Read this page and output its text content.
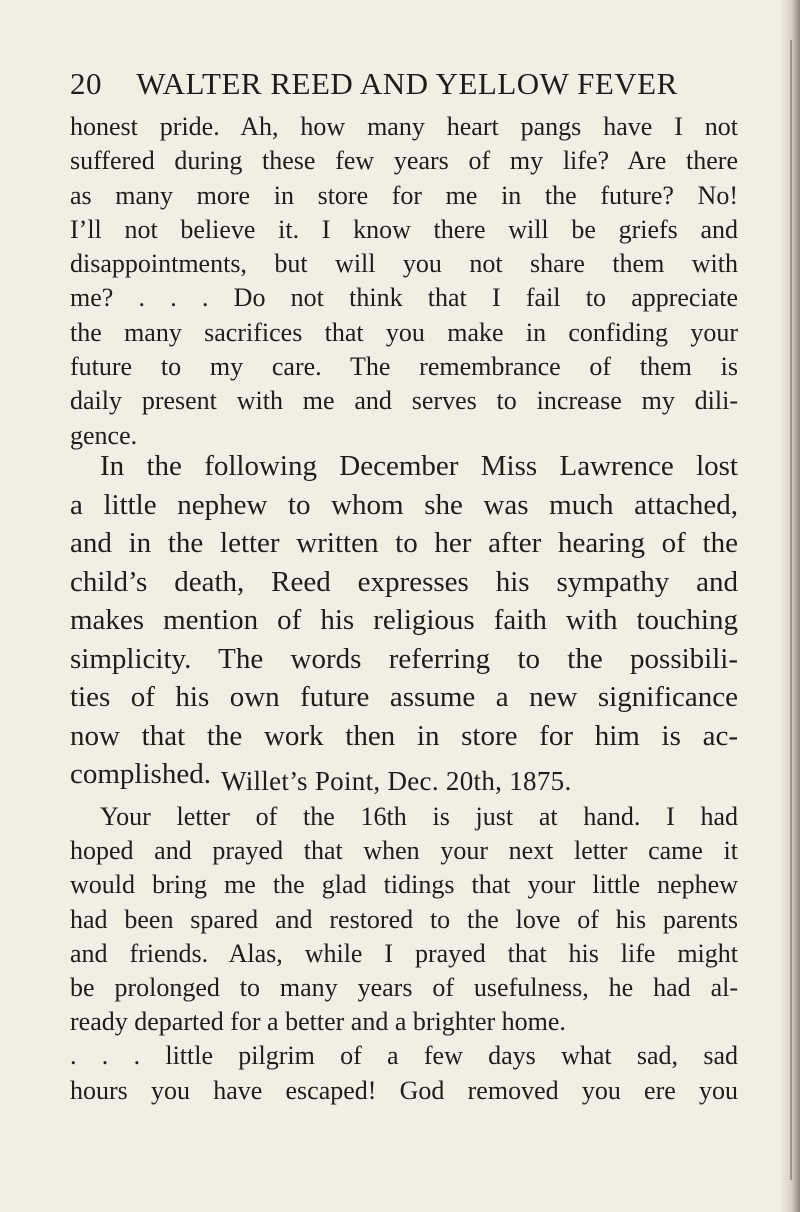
20 WALTER REED AND YELLOW FEVER
honest pride. Ah, how many heart pangs have I not
suffered during these few years of my life? Are there
as many more in store for me in the future? No!
I’ll not believe it. I know there will be griefs and
disappointments, but will you not share them with
me? . . . Do not think that I fail to appreciate
the many sacrifices that you make in confiding your
future to my care. The remembrance of them is
daily present with me and serves to increase my dili-
gence.
In the following December Miss Lawrence lost
a little nephew to whom she was much attached,
and in the letter written to her after hearing of the
child’s death, Reed expresses his sympathy and
makes mention of his religious faith with touching
simplicity. The words referring to the possibili-
ties of his own future assume a new significance
now that the work then in store for him is ac-
complished. Willet’s Point, Dec. 20th, 1875.
Your letter of the 16th is just at hand. I had
hoped and prayed that when your next letter came it
would bring me the glad tidings that your little nephew
had been spared and restored to the love of his parents
and friends. Alas, while I prayed that his life might
be prolonged to many years of usefulness, he had al-
ready departed for a better and a brighter home.
. . . little pilgrim of a few days what sad, sad
hours you have escaped! God removed you ere you
